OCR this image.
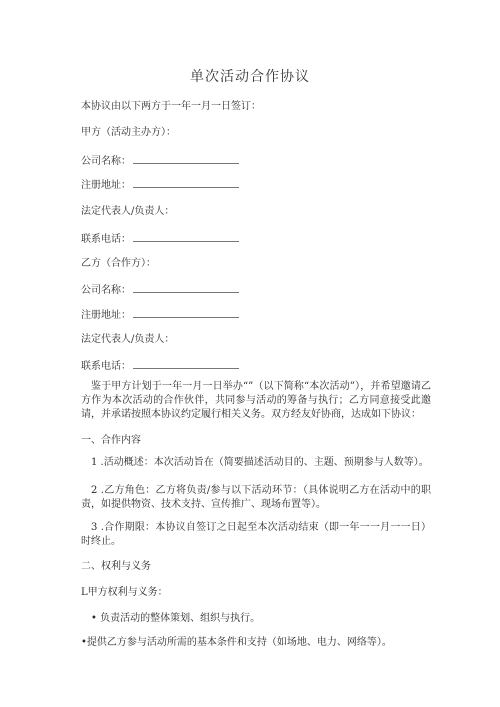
单次活动合作协议
本协议由以下两方于一年一月一日签订：
甲方（活动主办方）：
公司名称：
注册地址：
法定代表人/负责人：
联系电话：
乙方（合作方）：
公司名称：
注册地址：
法定代表人/负责人：
联系电话：
鉴于甲方计划于一年一月一日举办“”（以下简称“本次活动”），并希望邀请乙方作为本次活动的合作伙伴，共同参与活动的筹备与执行；乙方同意接受此邀请，并承诺按照本协议约定履行相关义务。双方经友好协商，达成如下协议：
一、合作内容
1 .活动概述：本次活动旨在（简要描述活动目的、主题、预期参与人数等）。
2 .乙方角色：乙方将负责/参与以下活动环节：（具体说明乙方在活动中的职责，如提供物资、技术支持、宣传推广、现场布置等）。
3 .合作期限：本协议自签订之日起至本次活动结束（即一年一一月一一日）时终止。
二、权利与义务
L甲方权利与义务：
• 负责活动的整体策划、组织与执行。
•提供乙方参与活动所需的基本条件和支持（如场地、电力、网络等）。
